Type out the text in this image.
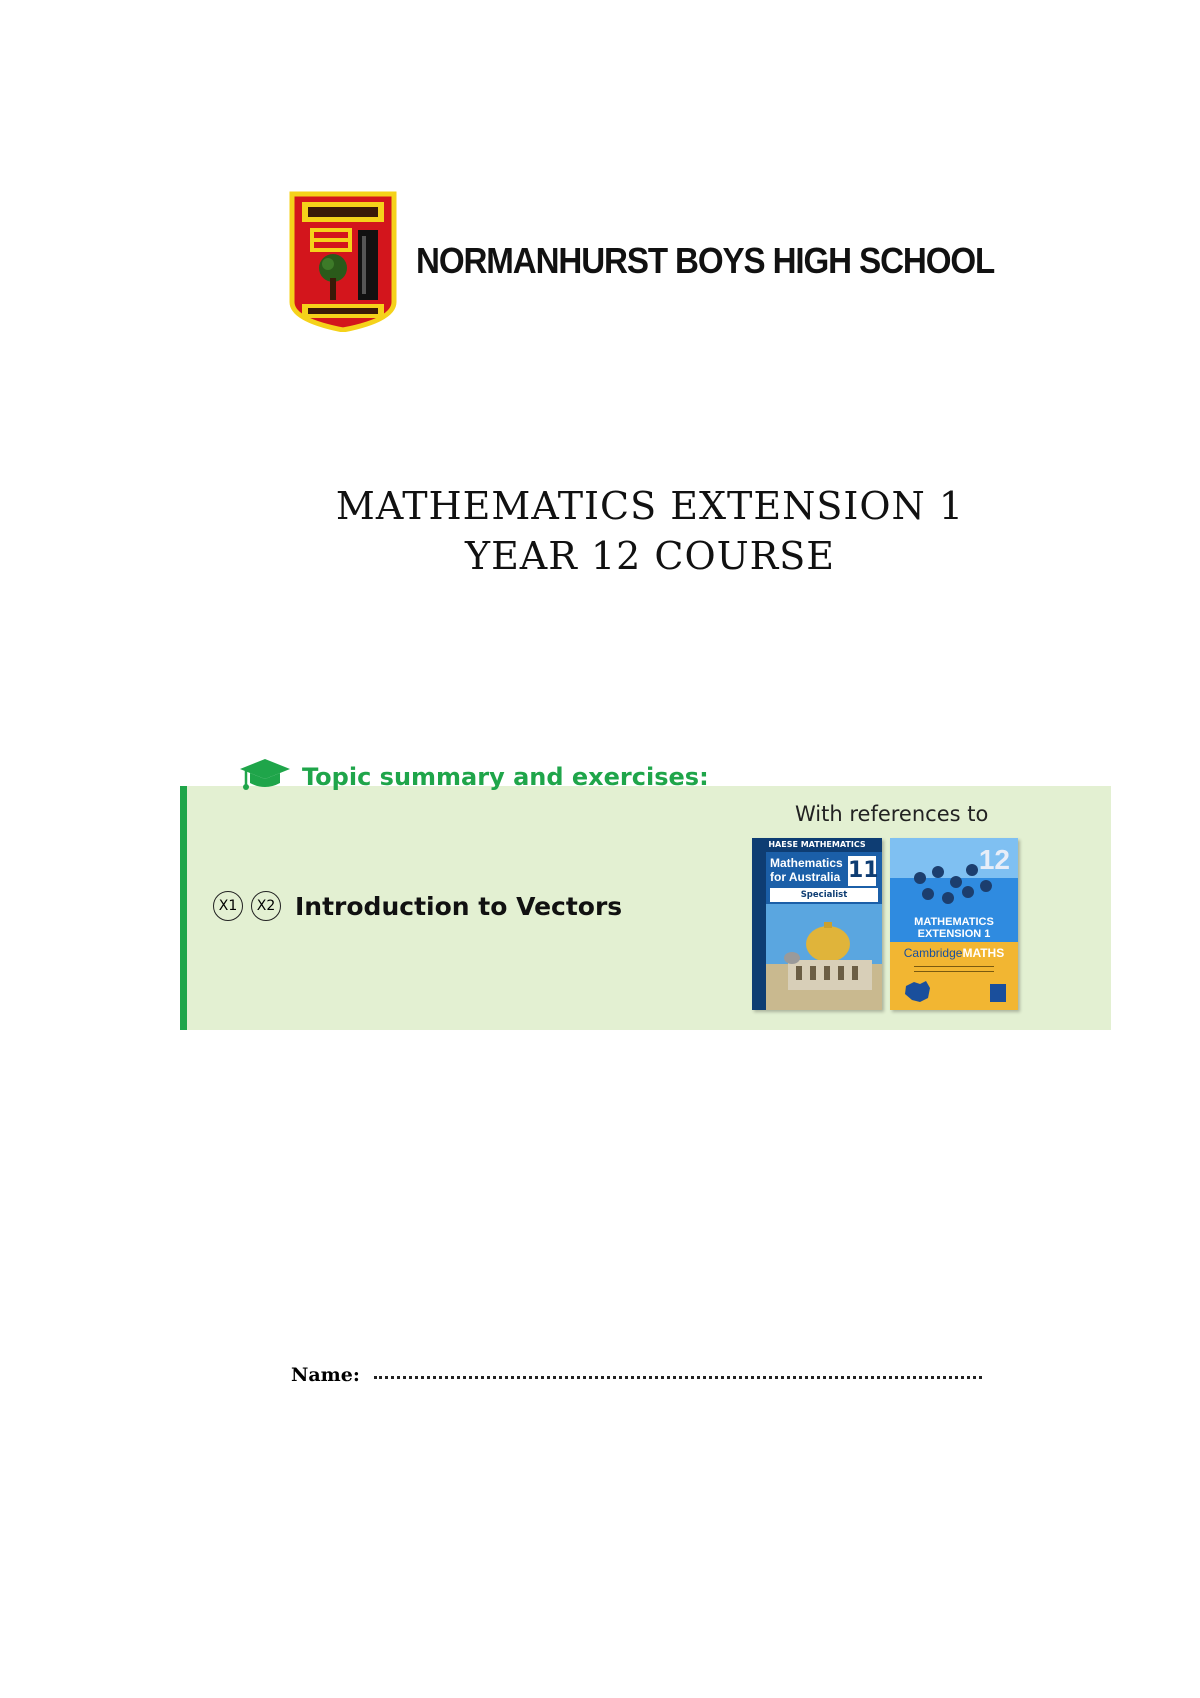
NORMANHURST BOYS HIGH SCHOOL
MATHEMATICS EXTENSION 1
YEAR 12 COURSE
Topic summary and exercises:
With references to
X1	X2 Introduction to Vectors
HAESE MATHEMATICS
Mathematics for Australia 11
Specialist
12
MATHEMATICS EXTENSION 1
CambridgeMATHS
Name:
